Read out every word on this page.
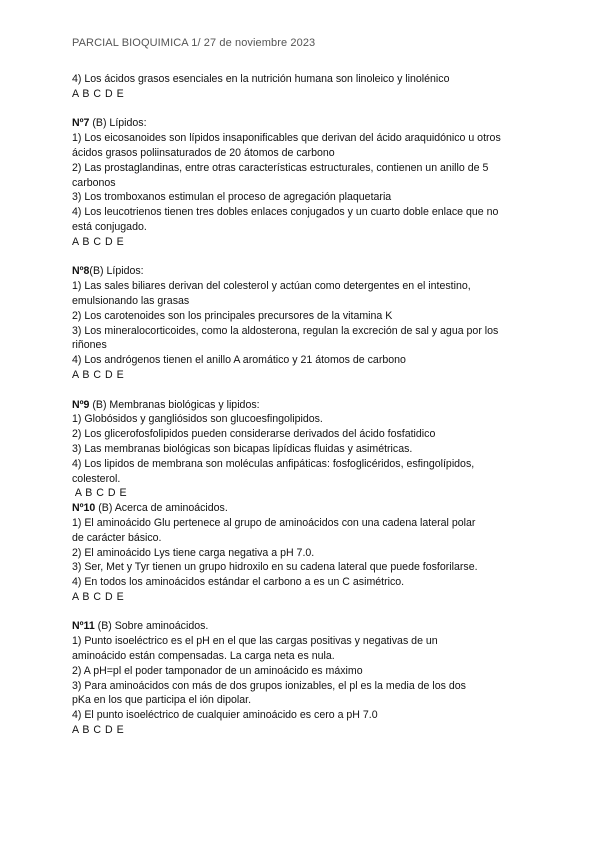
PARCIAL BIOQUIMICA 1/ 27 de noviembre 2023
4) Los ácidos grasos esenciales en la nutrición humana son linoleico y linolénico
A B C D E
Nº7 (B) Lípidos:
1) Los eicosanoides son lípidos insaponificables que derivan del ácido araquidónico u otros
ácidos grasos poliinsaturados de 20 átomos de carbono
2) Las prostaglandinas, entre otras características estructurales, contienen un anillo de 5
carbonos
3) Los tromboxanos estimulan el proceso de agregación plaquetaria
4) Los leucotrienos tienen tres dobles enlaces conjugados y un cuarto doble enlace que no
está conjugado.
A B C D E
Nº8(B) Lípidos:
1) Las sales biliares derivan del colesterol y actúan como detergentes en el intestino,
emulsionando las grasas
2) Los carotenoides son los principales precursores de la vitamina K
3) Los mineralocorticoides, como la aldosterona, regulan la excreción de sal y agua por los
riñones
4) Los andrógenos tienen el anillo A aromático y 21 átomos de carbono
A B C D E
Nº9 (B) Membranas biológicas y lipidos:
1) Globósidos y gangliósidos son glucoesfingolipidos.
2) Los glicerofosfolipidos pueden considerarse derivados del ácido fosfatidico
3) Las membranas biológicas son bicapas lipídicas fluidas y asimétricas.
4) Los lipidos de membrana son moléculas anfipáticas: fosfoglicéridos, esfingolípidos,
colesterol.
A B C D E
Nº10 (B) Acerca de aminoácidos.
1) El aminoácido Glu pertenece al grupo de aminoácidos con una cadena lateral polar
de carácter básico.
2) El aminoácido Lys tiene carga negativa a pH 7.0.
3) Ser, Met y Tyr tienen un grupo hidroxilo en su cadena lateral que puede fosforilarse.
4) En todos los aminoácidos estándar el carbono a es un C asimétrico.
A B C D E
Nº11 (B) Sobre aminoácidos.
1) Punto isoeléctrico es el pH en el que las cargas positivas y negativas de un
aminoácido están compensadas. La carga neta es nula.
2) A pH=pl el poder tamponador de un aminoácido es máximo
3) Para aminoácidos con más de dos grupos ionizables, el pl es la media de los dos
pKa en los que participa el ión dipolar.
4) El punto isoeléctrico de cualquier aminoácido es cero a pH 7.0
A B C D E
